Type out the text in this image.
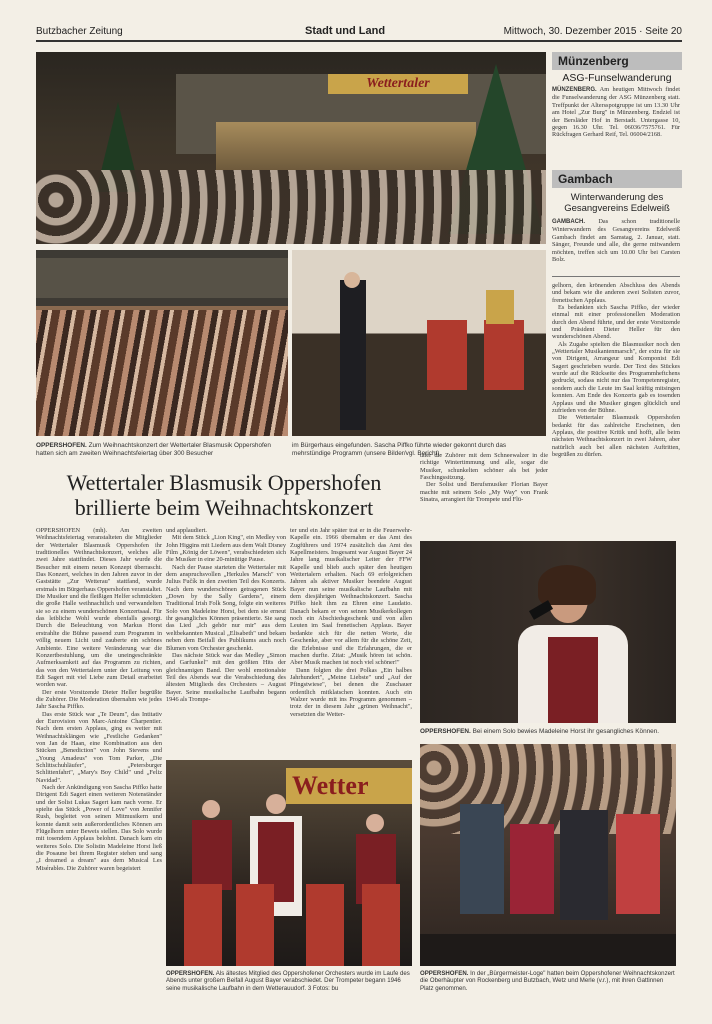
Butzbacher Zeitung	Stadt und Land	Mittwoch, 30. Dezember 2015 · Seite 20
Wettertaler
OPPERSHOFEN. Zum Weihnachtskonzert der Wettertaler Blasmusik Oppershofen hatten sich am zweiten Weihnachtsfeiertag über 300 Besucher
im Bürgerhaus eingefunden. Sascha Piffko führte wieder gekonnt durch das mehrstündige Programm (unsere Bilder/vgl. Bericht).
Wettertaler Blasmusik Oppershofen
brillierte beim Weihnachtskonzert

OPPERSHOFEN (mh). Am zweiten Weihnachtsfeiertag veranstalteten die Mitglieder der Wettertaler Blasmusik Oppershofen ihr traditionelles Weihnachtskonzert, welches alle zwei Jahre stattfindet. Dieses Jahr wurde die Besucher mit einem neuen Konzept überrascht. Das Konzert, welches in den Jahren zuvor in der Gaststätte „Zur Wetterau" stattfand, wurde erstmals im Bürgerhaus Oppershofen veranstaltet. Die Musiker und die fleißigen Helfer schmückten die große Halle weihnachtlich und verwandelten sie so zu einem wunderschönen Konzertsaal. Für das leibliche Wohl wurde ebenfalls gesorgt. Durch die Beleuchtung von Markus Horst erstrahlte die Bühne passend zum Programm in völlig neuem Licht und zauberte ein schönes Ambiente. Eine weitere Veränderung war die Konzertbestuhlung, um die uneingeschränkte Aufmerksamkeit auf das Programm zu richten, das von den Wettertalern unter der Leitung von Edi Sagert mit viel Liebe zum Detail erarbeitet worden war.

Der erste Vorsitzende Dieter Heller begrüßte die Zuhörer. Die Moderation übernahm wie jedes Jahr Sascha Piffko.

Das erste Stück war „Te Deum", das Intitativ der Eurovision von Marc-Antoine Charpentier. Nach dem ersten Applaus, ging es weiter mit Weihnachtsklängen wie „Festliche Gedanken" von Jan de Haan, eine Kombination aus den Stücken „Benediction" von John Stevens und „Young Amadeus" von Tom Parker, „Die Schlittschuhläufer", „Petersburger Schlittenfahrt", „Mary's Boy Child" und „Feliz Navidad".

Nach der Ankündigung von Sascha Piffko hatte Dirigent Edi Sagert einen weiteren Notenständer und der Solist Lukas Sagert kam nach vorne. Er spielte das Stück „Power of Love" von Jennifer Rush, begleitet von seinen Mitmusikern und konnte damit sein außerordentliches Können am Flügelhorn unter Beweis stellen. Das Solo wurde mit tosendem Applaus belohnt. Danach kam ein weiteres Solo. Die Solistin Madeleine Horst ließ die Posaune bei ihrem Register stehen und sang „I dreamed a dream" aus dem Musical Les Misérables. Die Zuhörer waren begeistert

und applaudiert.

Mit dem Stück „Lion King", ein Medley von John Higgins mit Liedern aus dem Walt Disney Film „König der Löwen", verabschiedeten sich die Musiker in eine 20-minütige Pause.

Nach der Pause starteten die Wettertaler mit dem anspruchsvollen „Herkules Marsch" von Julius Fučík in den zweiten Teil des Konzerts. Nach dem wunderschönen getragenen Stück „Down by the Sally Gardens", einem Traditional Irish Folk Song, folgte ein weiteres Solo von Madeleine Horst, bei dem sie erneut ihr gesangliches Können präsentierte. Sie sang das Lied „Ich gehör nur mir" aus dem weltbekannten Musical „Elisabeth" und bekam neben dem Beifall des Publikums auch noch Blumen vom Orchester geschenkt.

Das nächste Stück war das Medley „Simon and Garfunkel" mit den größten Hits der gleichnamigen Band. Der wohl emotionalste Teil des Abends war die Verabschiedung des ältesten Mitglieds des Orchesters – August Bayer. Seine musikalische Laufbahn begann 1946 als Trompe-

ter und ein Jahr später trat er in die Feuerwehr-Kapelle ein. 1966 übernahm er das Amt des Zugführers und 1974 zusätzlich das Amt des Kapellmeisters. Insgesamt war August Bayer 24 Jahre lang musikalischer Leiter der FFW Kapelle und blieb auch später den heutigen Wettertalern erhalten. Nach 69 erfolgreichen Jahren als aktiver Musiker beendete August Bayer nun seine musikalische Laufbahn mit dem diesjährigen Weihnachtskonzert. Sascha Piffko hielt ihm zu Ehren eine Laudatio. Danach bekam er von seinen Musikerkollegen noch ein Abschiedsgeschenk und von allen Leuten im Saal frenetischen Applaus. Bayer bedankte sich für die netten Worte, die Geschenke, aber vor allem für die schöne Zeit, die Erlebnisse und die Erfahrungen, die er machen durfte. Zitat: „Musik hören ist schön. Aber Musik machen ist noch viel schöner!"

Dann folgten die drei Polkas „Ein halbes Jahrhundert", „Meine Liebste" und „Auf der Pfingstwiese", bei denen die Zuschauer ordentlich mitklatschen konnten. Auch ein Walzer wurde mit ins Programm genommen – trotz der in diesem Jahr „grünen Weihnacht", versetzten die Wetter-

taler die Zuhörer mit dem Schneewalzer in die richtige Wintertimmung und alle, sogar die Musiker, schunkelten schöner als bei jeder Faschingssitzung.

Der Solist und Berufsmusiker Florian Bayer machte mit seinem Solo „My Way" von Frank Sinatra, arrangiert für Trompete und Flü-

gelhorn, den krönenden Abschluss des Abends und bekam wie die anderen zwei Solisten zuvor, frenetischen Applaus.

Es bedankten sich Sascha Piffko, der wieder einmal mit einer professionellen Moderation durch den Abend führte, und der erste Vorsitzende und Präsident Dieter Heller für den wunderschönen Abend.

Als Zugabe spielten die Blasmusiker noch den „Wettertaler Musikantenmarsch", der extra für sie von Dirigent, Arrangeur und Komponist Edi Sagert geschrieben wurde. Der Text des Stückes wurde auf die Rückseite des Programmheftchens gedruckt, sodass nicht nur das Trompetenregister, sondern auch die Leute im Saal kräftig mitsingen konnten. Am Ende des Konzerts gab es tosenden Applaus und die Musiker gingen glücklich und zufrieden von der Bühne.

Die Wettertaler Blasmusik Oppershofen bedankt für das zahlreiche Erscheinen, den Applaus, die positive Kritik und hofft, alle beim nächsten Weihnachtskonzert in zwei Jahren, aber natürlich auch bei allen nächsten Auftritten, begrüßen zu dürfen.

Münzenberg
ASG-Funselwanderung
MÜNZENBERG. Am heutigen Mittwoch findet die Funselwanderung der ASG Münzenberg statt. Treffpunkt der Altersspotgruppe ist um 13.30 Uhr am Hotel „Zur Burg" in Münzenberg. Endziel ist der Bersläder Hof in Berstadt. Untergasse 10, gegen 16.30 Uhr. Tel. 06036/7575761. Für Rückfragen Gerhard Reif, Tel. 06004/2168.
Gambach
Winterwanderung des Gesangvereins Edelweiß
GAMBACH. Das schon traditionelle Winterwandern des Gesangvereins Edelweiß Gambach findet am Samstag, 2. Januar, statt. Sänger, Freunde und alle, die gerne mitwandern möchten, treffen sich um 10.00 Uhr bei Carsten Bolz.
OPPERSHOFEN. Bei einem Solo bewies Madeleine Horst ihr gesangliches Können.
Wetter
OPPERSHOFEN. Als ältestes Mitglied des Oppershofener Orchesters wurde im Laufe des Abends unter großem Beifall August Bayer verabschiedet. Der Trompeter begann 1946 seine musikalische Laufbahn in dem Wetterauudorf. 3 Fotos: bu
OPPERSHOFEN. In der „Bürgermeister-Loge" hatten beim Oppershofener Weihnachtskonzert die Oberhäupter von Rockenberg und Butzbach, Wetz und Merle (v.r.), mit ihren Gattinnen Platz genommen.
